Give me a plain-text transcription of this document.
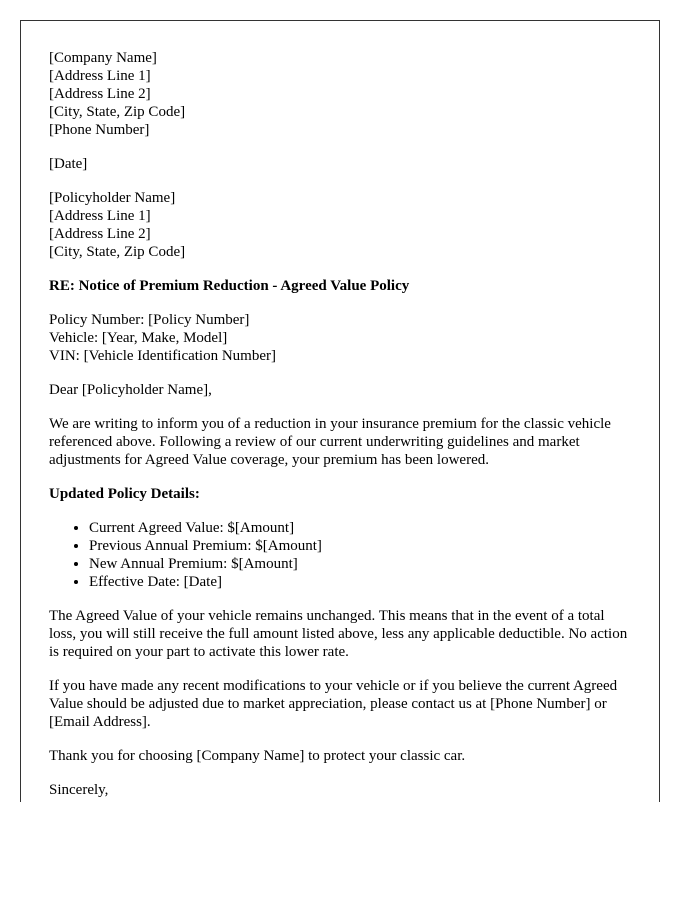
[Company Name]
[Address Line 1]
[Address Line 2]
[City, State, Zip Code]
[Phone Number]

[Date]

[Policyholder Name]
[Address Line 1]
[Address Line 2]
[City, State, Zip Code]

RE: Notice of Premium Reduction - Agreed Value Policy

Policy Number: [Policy Number]
Vehicle: [Year, Make, Model]
VIN: [Vehicle Identification Number]

Dear [Policyholder Name],

We are writing to inform you of a reduction in your insurance premium for the classic vehicle referenced above. Following a review of our current underwriting guidelines and market adjustments for Agreed Value coverage, your premium has been lowered.

Updated Policy Details:

• Current Agreed Value: $[Amount]
• Previous Annual Premium: $[Amount]
• New Annual Premium: $[Amount]
• Effective Date: [Date]

The Agreed Value of your vehicle remains unchanged. This means that in the event of a total loss, you will still receive the full amount listed above, less any applicable deductible. No action is required on your part to activate this lower rate.

If you have made any recent modifications to your vehicle or if you believe the current Agreed Value should be adjusted due to market appreciation, please contact us at [Phone Number] or [Email Address].

Thank you for choosing [Company Name] to protect your classic car.

Sincerely,
